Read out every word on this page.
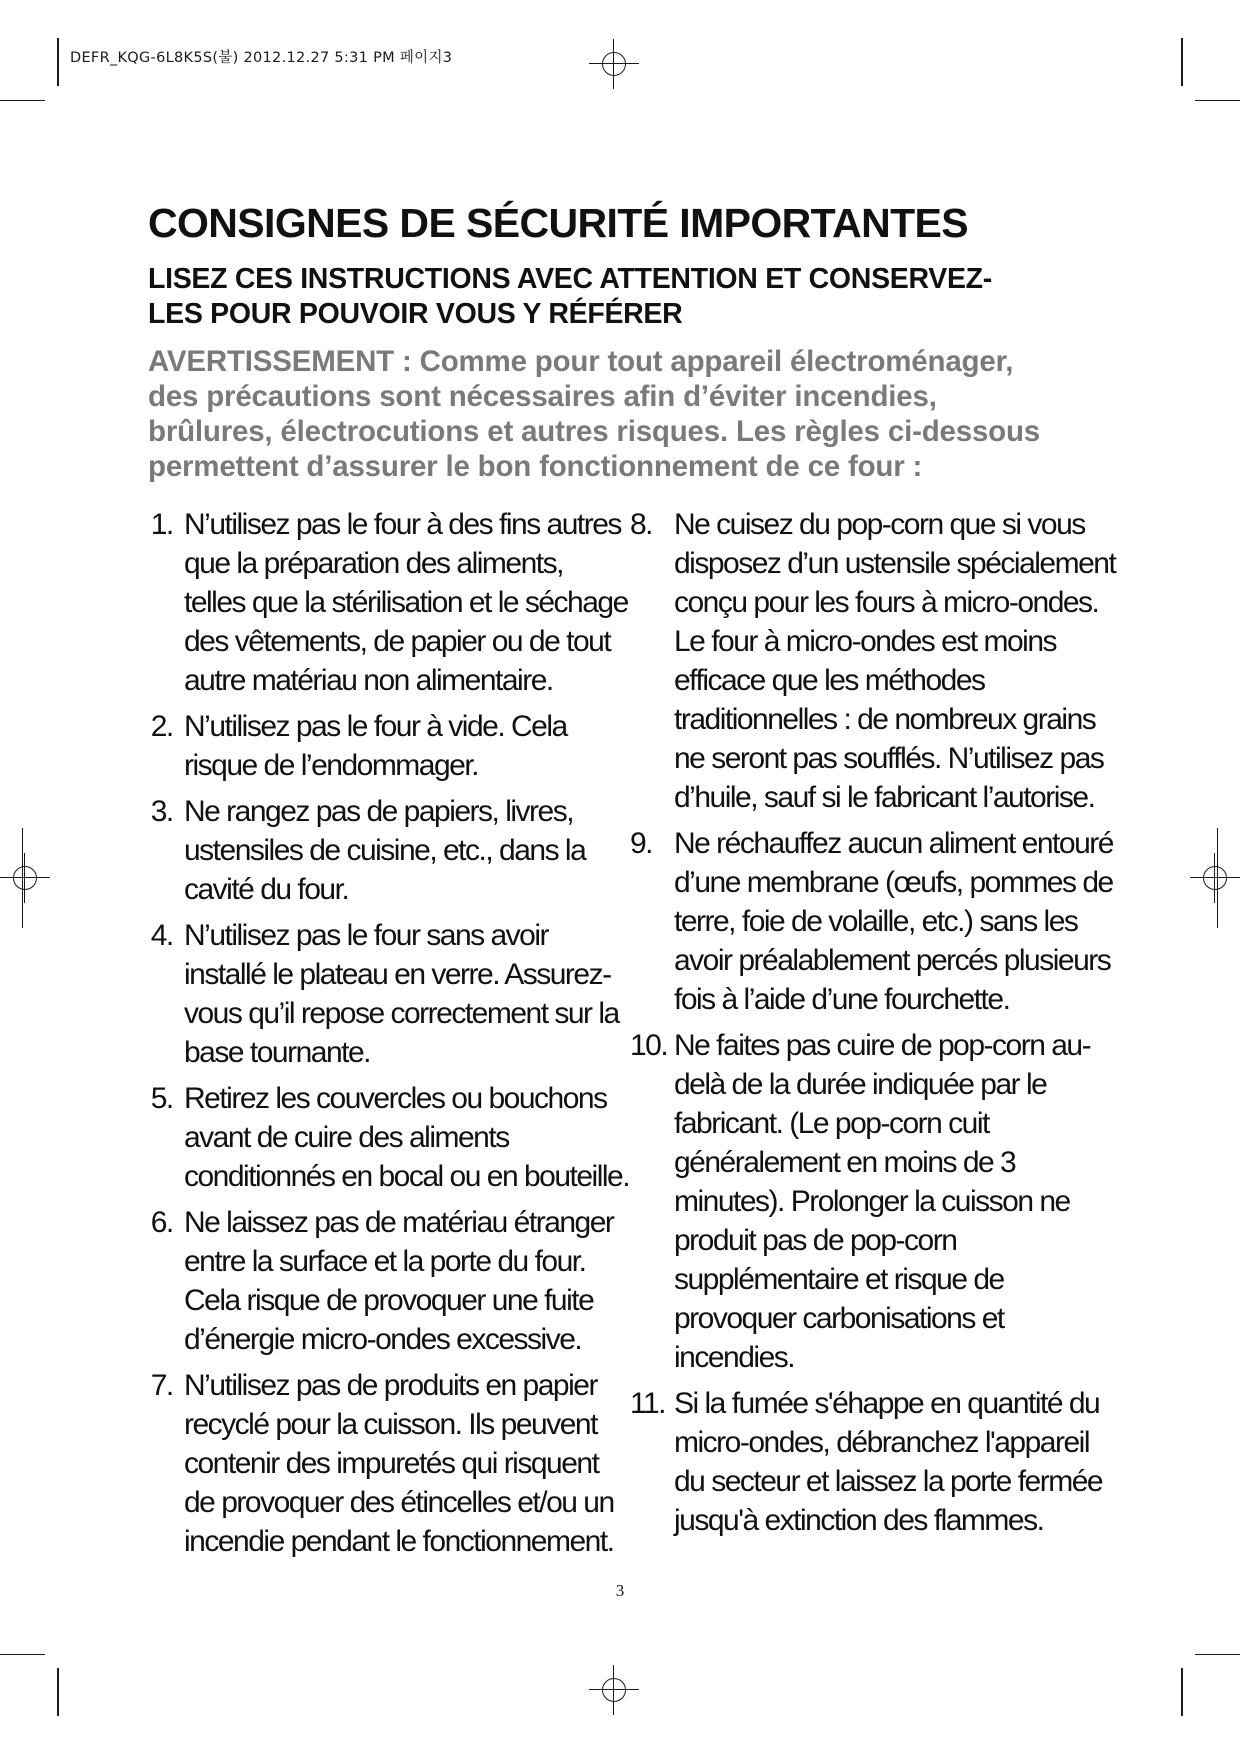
DEFR_KQG-6L8K5S(불) 2012.12.27 5:31 PM 페이지3
CONSIGNES DE SÉCURITÉ IMPORTANTES
LISEZ CES INSTRUCTIONS AVEC ATTENTION ET CONSERVEZ-
LES POUR POUVOIR VOUS Y RÉFÉRER
AVERTISSEMENT : Comme pour tout appareil électroménager,
des précautions sont nécessaires afin d’éviter incendies,
brûlures, électrocutions et autres risques. Les règles ci-dessous
permettent d’assurer le bon fonctionnement de ce four :
1. N’utilisez pas le four à des fins autres
que la préparation des aliments,
telles que la stérilisation et le séchage
des vêtements, de papier ou de tout
autre matériau non alimentaire.
2. N’utilisez pas le four à vide. Cela
risque de l’endommager.
3. Ne rangez pas de papiers, livres,
ustensiles de cuisine, etc., dans la
cavité du four.
4. N’utilisez pas le four sans avoir
installé le plateau en verre. Assurez-
vous qu’il repose correctement sur la
base tournante.
5. Retirez les couvercles ou bouchons
avant de cuire des aliments
conditionnés en bocal ou en bouteille.
6. Ne laissez pas de matériau étranger
entre la surface et la porte du four.
Cela risque de provoquer une fuite
d’énergie micro-ondes excessive.
7. N’utilisez pas de produits en papier
recyclé pour la cuisson. Ils peuvent
contenir des impuretés qui risquent
de provoquer des étincelles et/ou un
incendie pendant le fonctionnement.
8. Ne cuisez du pop-corn que si vous
disposez d’un ustensile spécialement
conçu pour les fours à micro-ondes.
Le four à micro-ondes est moins
efficace que les méthodes
traditionnelles : de nombreux grains
ne seront pas soufflés. N’utilisez pas
d’huile, sauf si le fabricant l’autorise.
9. Ne réchauffez aucun aliment entouré
d’une membrane (œufs, pommes de
terre, foie de volaille, etc.) sans les
avoir préalablement percés plusieurs
fois à l’aide d’une fourchette.
10. Ne faites pas cuire de pop-corn au-
delà de la durée indiquée par le
fabricant. (Le pop-corn cuit
généralement en moins de 3
minutes). Prolonger la cuisson ne
produit pas de pop-corn
supplémentaire et risque de
provoquer carbonisations et
incendies.
11. Si la fumée s'éhappe en quantité du
micro-ondes, débranchez l'appareil
du secteur et laissez la porte fermée
jusqu'à extinction des flammes.
3
